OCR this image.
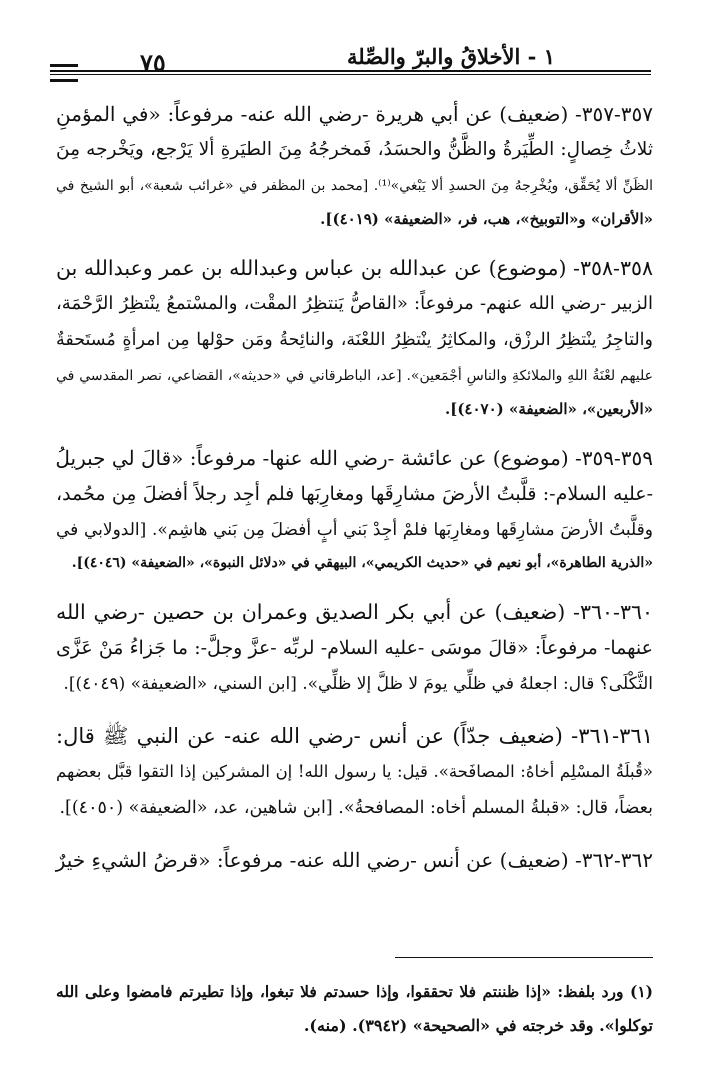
٧٥	١ - الأخلاقُ والبرّ والصِّلة
٣٥٧-٣٥٧- (ضعيف) عن أبي هريرة -رضي الله عنه- مرفوعاً: «في المؤمنِ
ثلاثُ خِصالٍ: الطِّيَرةُ والظَّنُّ والحسَدُ، فَمخرجُهُ مِنَ الطيَرةِ ألا يَرْجع، ويَخْرجه مِنَ
الظَنِّ ألا يُحَقِّق، ويُخْرِجهُ مِنَ الحسدِ ألا يَبْغي»⁽¹⁾. [محمد بن المظفر في «غرائب شعبة»، أبو الشيخ في
«الأقران» و«التوبيخ»، هب، فر، «الضعيفة» (٤٠١٩)].
٣٥٨-٣٥٨- (موضوع) عن عبدالله بن عباس وعبدالله بن عمر وعبدالله بن
الزبير -رضي الله عنهم- مرفوعاً: «القاصُّ يَنتظِرُ المقْت، والمسْتمعُ ينْتظِرُ الرَّحْمَة،
والتاجِرُ ينْتظِرُ الرزْق، والمكاثِرُ ينْتظِرُ اللعْنَة، والنائِحةُ ومَن حوْلها مِن امرأةٍ مُستَحقةٌ
عليهم لعْنَةُ اللهِ والملائكةِ والناسِ أجْمَعين». [عد، الباطرقاني في «حديثه»، القضاعي، نصر المقدسي في
«الأربعين»، «الضعيفة» (٤٠٧٠)].
٣٥٩-٣٥٩- (موضوع) عن عائشة -رضي الله عنها- مرفوعاً: «قالَ لي جبريلُ
-عليه السلام-: قلَّبتُ الأرضَ مشارِقَها ومغارِبَها فلم أجِد رجلاً أفضلَ مِن محُمد،
وقلَّبتُ الأرضَ مشارِقَها ومغارِبَها فلمْ أجِدْ بَني أبٍ أفضلَ مِن بَني هاشِم». [الدولابي في
«الذرية الطاهرة»، أبو نعيم في «حديث الكريمي»، البيهقي في «دلائل النبوة»، «الضعيفة» (٤٠٤٦)].
٣٦٠-٣٦٠- (ضعيف) عن أبي بكر الصديق وعمران بن حصين -رضي الله
عنهما- مرفوعاً: «قالَ موسَى -عليه السلام- لربِّه -عزَّ وجلَّ-: ما جَزاءُ مَنْ عَزَّى
الثَّكْلَى؟ قال: اجعلهُ في ظلِّي يومَ لا ظلَّ إلا ظلِّي». [ابن السني، «الضعيفة» (٤٠٤٩)].
٣٦١-٣٦١- (ضعيف جدّاً) عن أنس -رضي الله عنه- عن النبي ﷺ قال:
«قُبلَةُ المسْلِم أخاهُ: المصافَحة». قيل: يا رسول الله! إن المشركين إذا التقوا قبَّل بعضهم
بعضاً، قال: «قبلةُ المسلم أخاه: المصافحةُ». [ابن شاهين، عد، «الضعيفة» (٤٠٥٠)].
٣٦٢-٣٦٢- (ضعيف) عن أنس -رضي الله عنه- مرفوعاً: «قرضُ الشيءِ خيرٌ
(١) ورد بلفظ: «إذا ظننتم فلا تحققوا، وإذا حسدتم فلا تبغوا، وإذا تطيرتم فامضوا وعلى الله
توكلوا». وقد خرجته في «الصحيحة» (٣٩٤٢). (منه).
